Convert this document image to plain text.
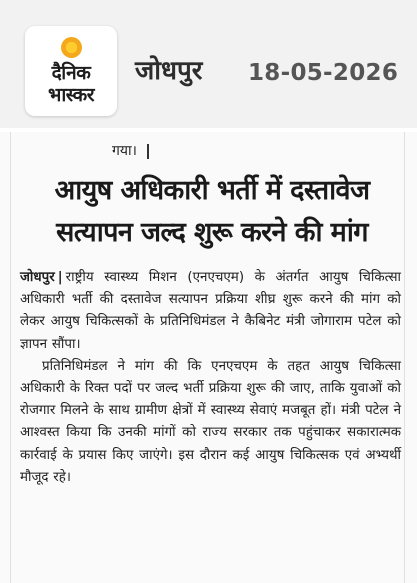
दैनिक
भास्कर
जोधपुर 18-05-2026
गया।
आयुष अधिकारी भर्ती में दस्तावेज सत्यापन जल्द शुरू करने की मांग

जोधपुर | राष्ट्रीय स्वास्थ्य मिशन (एनएचएम) के अंतर्गत आयुष चिकित्सा अधिकारी भर्ती की दस्तावेज सत्यापन प्रक्रिया शीघ्र शुरू करने की मांग को लेकर आयुष चिकित्सकों के प्रतिनिधिमंडल ने कैबिनेट मंत्री जोगाराम पटेल को ज्ञापन सौंपा।

प्रतिनिधिमंडल ने मांग की कि एनएचएम के तहत आयुष चिकित्सा अधिकारी के रिक्त पदों पर जल्द भर्ती प्रक्रिया शुरू की जाए, ताकि युवाओं को रोजगार मिलने के साथ ग्रामीण क्षेत्रों में स्वास्थ्य सेवाएं मजबूत हों। मंत्री पटेल ने आश्वस्त किया कि उनकी मांगों को राज्य सरकार तक पहुंचाकर सकारात्मक कार्रवाई के प्रयास किए जाएंगे। इस दौरान कई आयुष चिकित्सक एवं अभ्यर्थी मौजूद रहे।
